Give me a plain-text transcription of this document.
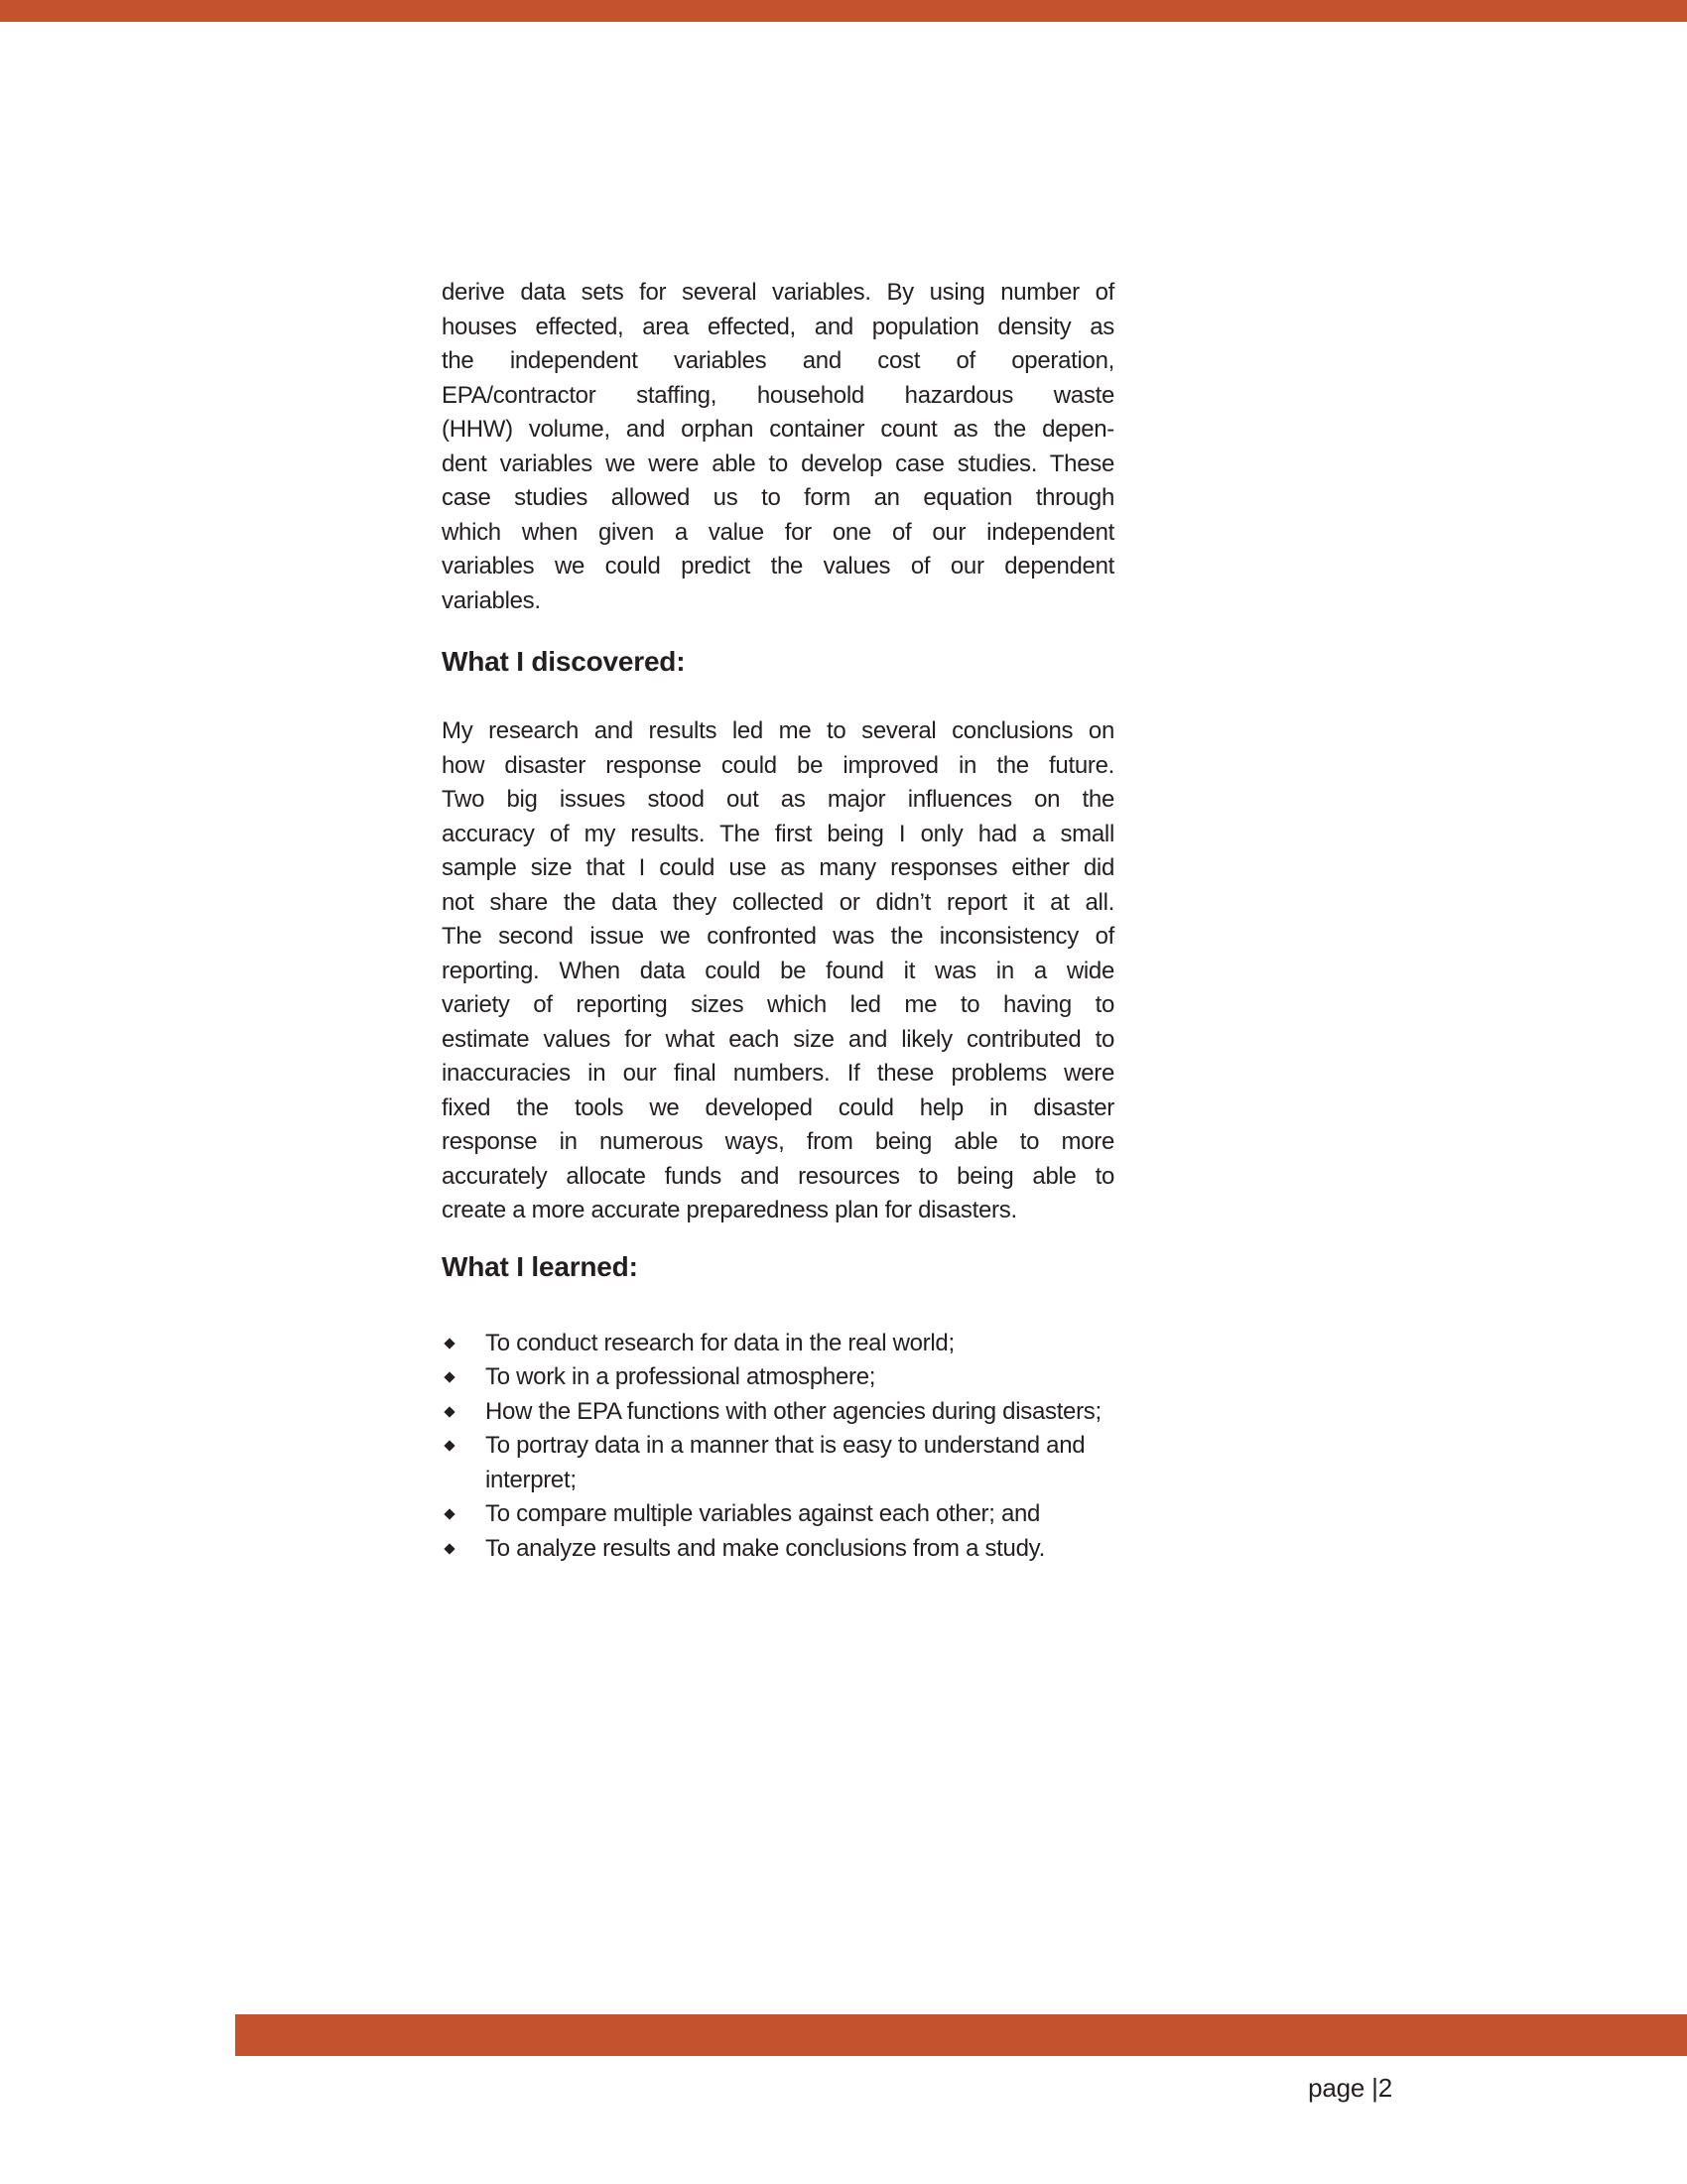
derive data sets for several variables. By using number of
houses effected, area effected, and population density as
the independent variables and cost of operation,
EPA/contractor staffing, household hazardous waste
(HHW) volume, and orphan container count as the depen-
dent variables we were able to develop case studies. These
case studies allowed us to form an equation through
which when given a value for one of our independent
variables we could predict the values of our dependent
variables.
What I discovered:
My research and results led me to several conclusions on
how disaster response could be improved in the future.
Two big issues stood out as major influences on the
accuracy of my results. The first being I only had a small
sample size that I could use as many responses either did
not share the data they collected or didn’t report it at all.
The second issue we confronted was the inconsistency of
reporting. When data could be found it was in a wide
variety of reporting sizes which led me to having to
estimate values for what each size and likely contributed to
inaccuracies in our final numbers. If these problems were
fixed the tools we developed could help in disaster
response in numerous ways, from being able to more
accurately allocate funds and resources to being able to
create a more accurate preparedness plan for disasters.
What I learned:
To conduct research for data in the real world;
To work in a professional atmosphere;
How the EPA functions with other agencies during disasters;
To portray data in a manner that is easy to understand and interpret;
To compare multiple variables against each other; and
To analyze results and make conclusions from a study.
page |2
